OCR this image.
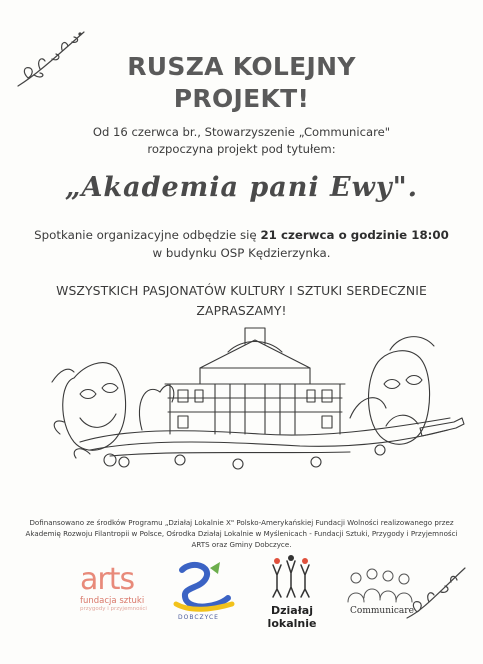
RUSZA KOLEJNY
PROJEKT!
Od 16 czerwca br., Stowarzyszenie „Communicare"
rozpoczyna projekt pod tytułem:
„Akademia pani Ewy".
Spotkanie organizacyjne odbędzie się 21 czerwca o godzinie 18:00
w budynku OSP Kędzierzynka.
WSZYSTKICH PASJONATÓW KULTURY I SZTUKI SERDECZNIE
ZAPRASZAMY!
Dofinansowano ze środków Programu „Działaj Lokalnie X" Polsko-Amerykańskiej Fundacji Wolności realizowanego przez Akademię Rozwoju Filantropii w Polsce, Ośrodka Działaj Lokalnie w Myślenicach - Fundacji Sztuki, Przygody i Przyjemności ARTS oraz Gminy Dobczyce.
arts
fundacja sztuki
przygody i przyjemności
DOBCZYCE
Działaj
lokalnie
Communicare
